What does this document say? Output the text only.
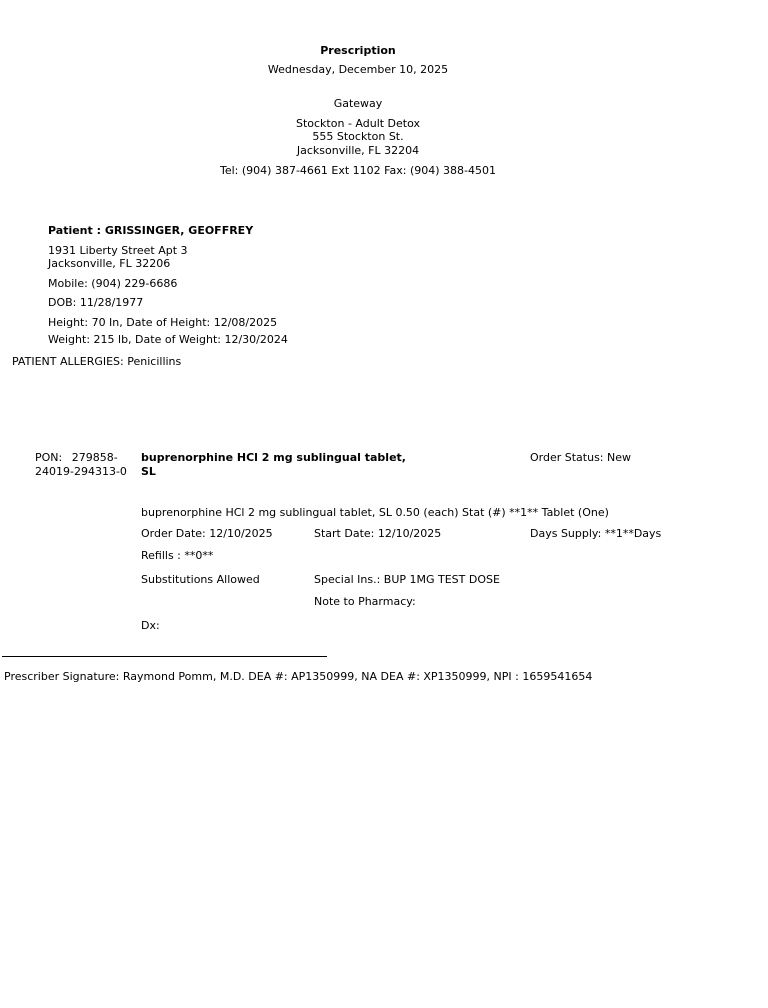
Prescription
Wednesday, December 10, 2025
Gateway
Stockton - Adult Detox
555 Stockton St.
Jacksonville, FL 32204
Tel: (904) 387-4661 Ext 1102 Fax: (904) 388-4501
Patient : GRISSINGER, GEOFFREY
1931 Liberty Street Apt 3
Jacksonville, FL 32206
Mobile: (904) 229-6686
DOB: 11/28/1977
Height: 70 In, Date of Height: 12/08/2025
Weight: 215 lb, Date of Weight: 12/30/2024
PATIENT ALLERGIES: Penicillins
PON: 279858-
24019-294313-0
buprenorphine HCl 2 mg sublingual tablet, SL
Order Status: New
buprenorphine HCl 2 mg sublingual tablet, SL 0.50 (each) Stat (#) **1** Tablet (One)
Order Date: 12/10/2025	Start Date: 12/10/2025	Days Supply: **1**Days
Refills : **0**
Substitutions Allowed	Special Ins.: BUP 1MG TEST DOSE
Note to Pharmacy:
Dx:
Prescriber Signature: Raymond Pomm, M.D. DEA #: AP1350999, NA DEA #: XP1350999, NPI : 1659541654
